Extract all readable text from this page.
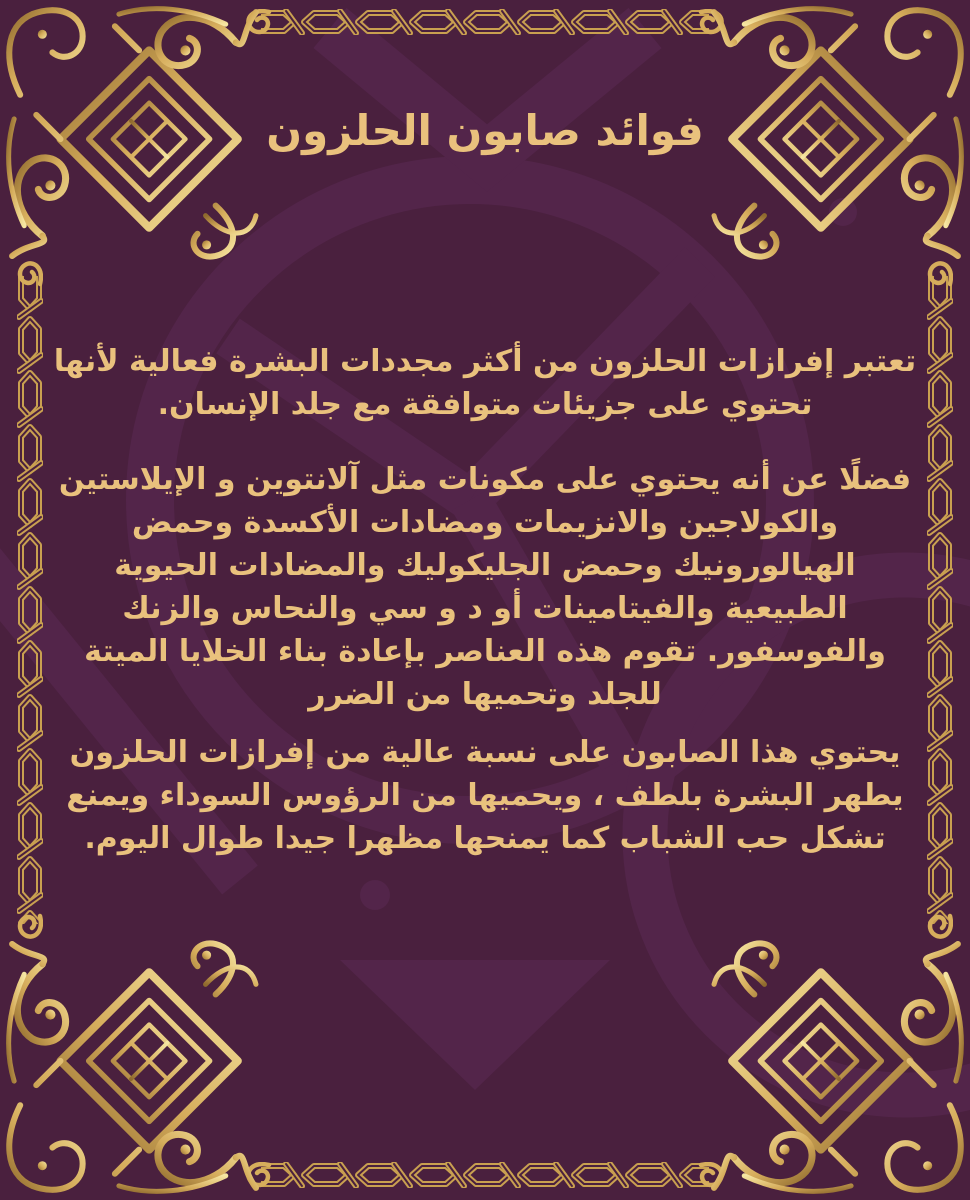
فوائد صابون الحلزون
تعتبر إفرازات الحلزون من أكثر مجددات البشرة فعالية لأنها
تحتوي على جزيئات متوافقة مع جلد الإنسان.
فضلًا عن أنه يحتوي على مكونات مثل آلانتوين و الإيلاستين
والكولاجين والانزيمات ومضادات الأكسدة وحمض
الهيالورونيك وحمض الجليكوليك والمضادات الحيوية
الطبيعية والفيتامينات أو د و سي والنحاس والزنك
والفوسفور. تقوم هذه العناصر بإعادة بناء الخلايا الميتة
للجلد وتحميها من الضرر
يحتوي هذا الصابون على نسبة عالية من إفرازات الحلزون
يطهر البشرة بلطف ، ويحميها من الرؤوس السوداء ويمنع
تشكل حب الشباب كما يمنحها مظهرا جيدا طوال اليوم.
